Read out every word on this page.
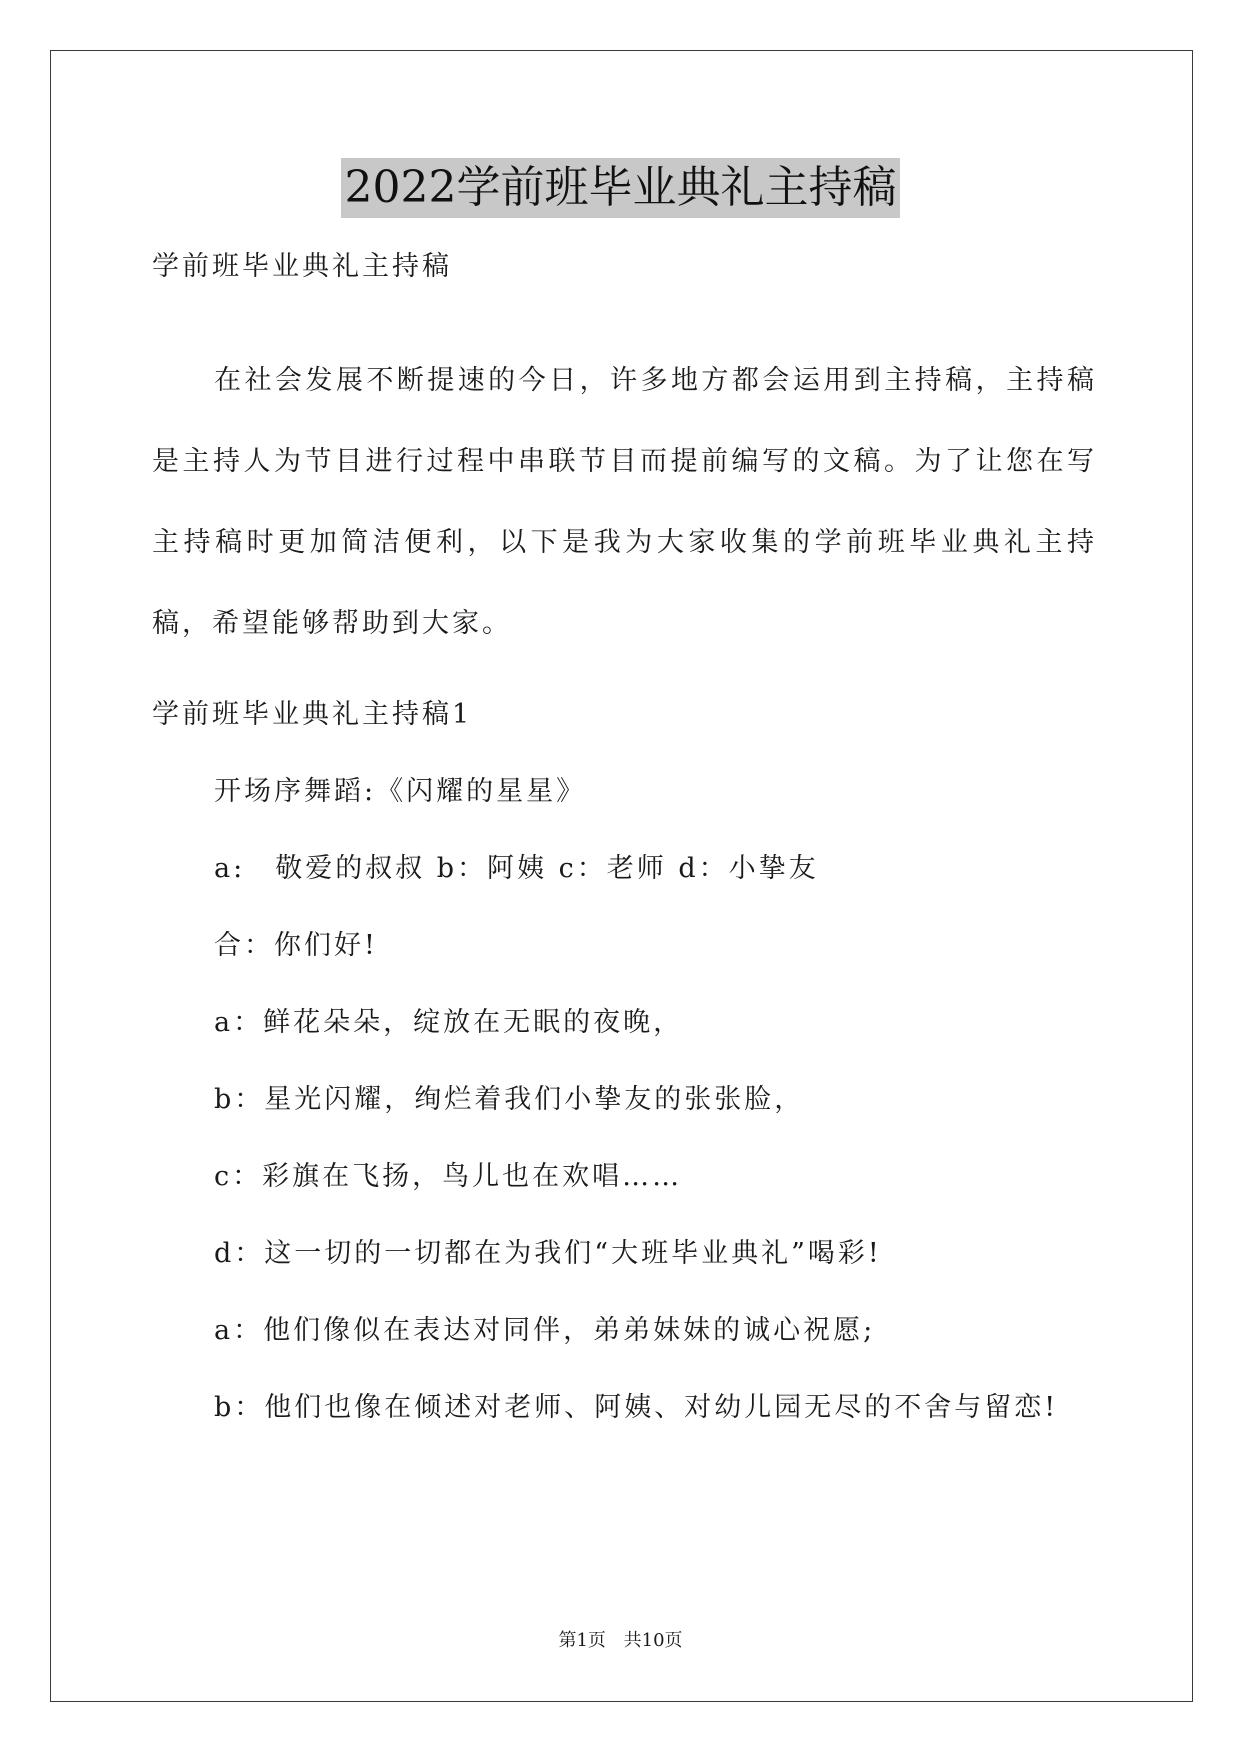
2022学前班毕业典礼主持稿
学前班毕业典礼主持稿

在社会发展不断提速的今日，许多地方都会运用到主持稿，主持稿是主持人为节目进行过程中串联节目而提前编写的文稿。为了让您在写主持稿时更加简洁便利，以下是我为大家收集的学前班毕业典礼主持稿，希望能够帮助到大家。

学前班毕业典礼主持稿1
开场序舞蹈:《闪耀的星星》
a:　敬爱的叔叔 b：阿姨 c：老师 d：小挚友
合：你们好!
a：鲜花朵朵，绽放在无眠的夜晚，
b：星光闪耀，绚烂着我们小挚友的张张脸，
c：彩旗在飞扬，鸟儿也在欢唱……
d：这一切的一切都在为我们“大班毕业典礼”喝彩!
a：他们像似在表达对同伴，弟弟妹妹的诚心祝愿;
b：他们也像在倾述对老师、阿姨、对幼儿园无尽的不舍与留恋!
第1页 共10页
